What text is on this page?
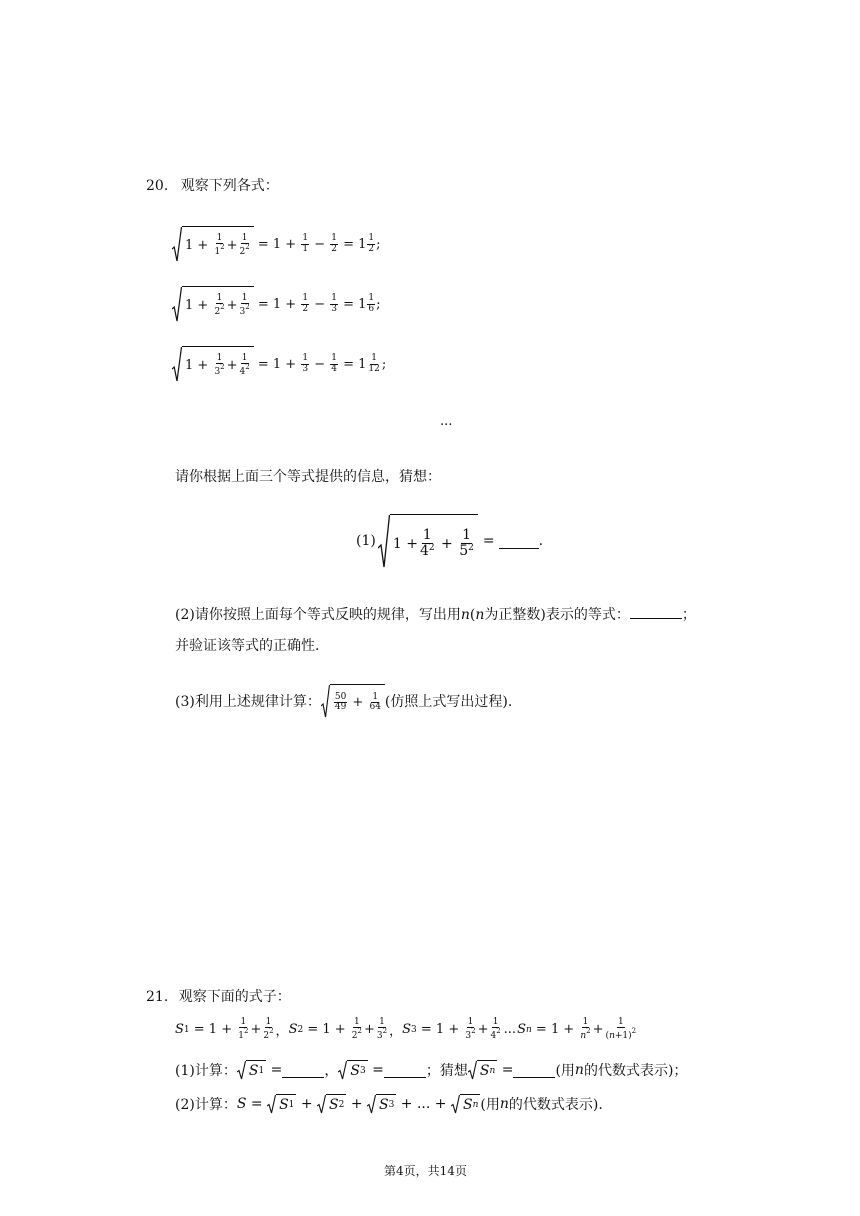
20. 观察下列各式：
$1 + \frac{1}{1^2} + \frac{1}{2^2} = 1 + \frac{1}{1} - \frac{1}{2} = 1 \frac{1}{2}$ ;
$1 + \frac{1}{2^2} + \frac{1}{3^2} = 1 + \frac{1}{2} - \frac{1}{3} = 1 \frac{1}{6}$ ;
$1 + \frac{1}{3^2} + \frac{1}{4^2} = 1 + \frac{1}{3} - \frac{1}{4} = 1 \frac{1}{12}$ ;
...
请你根据上面三个等式提供的信息，猜想：
(1) $1 + \frac{1}{4^2} + \frac{1}{5^2}$ =	.
(2)请你按照上面每个等式反映的规律，写出用n(n为正整数)表示的等式：	；
并验证该等式的正确性.
(3)利用上述规律计算： $\frac{50}{49} + \frac{1}{64}$ (仿照上式写出过程).
21. 观察下面的式子：
S $1 = 1 + \frac{1}{1^2} + \frac{1}{2^2}$ ， S $2 = 1 + \frac{1}{2^2} + \frac{1}{3^2}$ ， S $3 = 1 + \frac{1}{3^2} + \frac{1}{4^2}$ ... S $n = 1 + \frac{1}{n^2} + \frac{1}{(n+1)^2}$
(1)计算： S 1 =	， S 3 =	；猜想 S n =	(用 n 的代数式表示)；
(2)计算： S = S 1 + S 2 + S 3 + ... + S n (用 n 的代数式表示).
第4页，共14页
